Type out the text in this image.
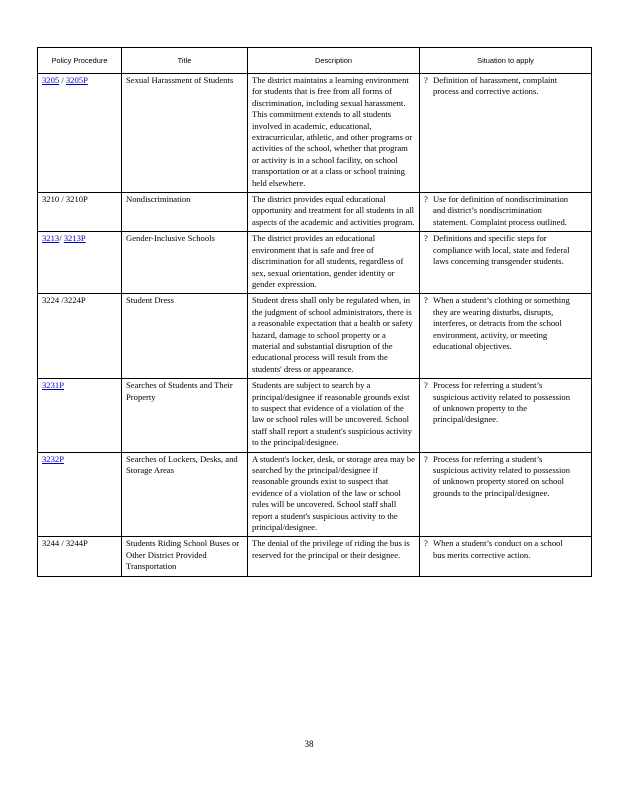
Policy Procedure	Title	Description	Situation to apply
3205 / 3205P	Sexual Harassment of Students	The district maintains a learning environment for students that is free from all forms of discrimination, including sexual harassment. This commitment extends to all students involved in academic, educational, extracurricular, athletic, and other programs or activities of the school, whether that program or activity is in a school facility, on school transportation or at a class or school training held elsewhere.	? Definition of harassment, complaint process and corrective actions.
3210 / 3210P	Nondiscrimination	The district provides equal educational opportunity and treatment for all students in all aspects of the academic and activities program.	? Use for definition of nondiscrimination and district’s nondiscrimination statement. Complaint process outlined.
3213/ 3213P	Gender-Inclusive Schools	The district provides an educational environment that is safe and free of discrimination for all students, regardless of sex, sexual orientation, gender identity or gender expression.	? Definitions and specific steps for compliance with local, state and federal laws concerning transgender students.
3224 /3224P	Student Dress	Student dress shall only be regulated when, in the judgment of school administrators, there is a reasonable expectation that a health or safety hazard, damage to school property or a material and substantial disruption of the educational process will result from the students' dress or appearance.	? When a student’s clothing or something they are wearing disturbs, disrupts, interferes, or detracts from the school environment, activity, or meeting educational objectives.
3231P	Searches of Students and Their Property	Students are subject to search by a principal/designee if reasonable grounds exist to suspect that evidence of a violation of the law or school rules will be uncovered. School staff shall report a student's suspicious activity to the principal/designee.	? Process for referring a student’s suspicious activity related to possession of unknown property to the principal/designee.
3232P	Searches of Lockers, Desks, and Storage Areas	A student's locker, desk, or storage area may be searched by the principal/designee if reasonable grounds exist to suspect that evidence of a violation of the law or school rules will be uncovered. School staff shall report a student's suspicious activity to the principal/designee.	? Process for referring a student’s suspicious activity related to possession of unknown property stored on school grounds to the principal/designee.
3244 / 3244P	Students Riding School Buses or Other District Provided Transportation	The denial of the privilege of riding the bus is reserved for the principal or their designee.	? When a student’s conduct on a school bus merits corrective action.
38
